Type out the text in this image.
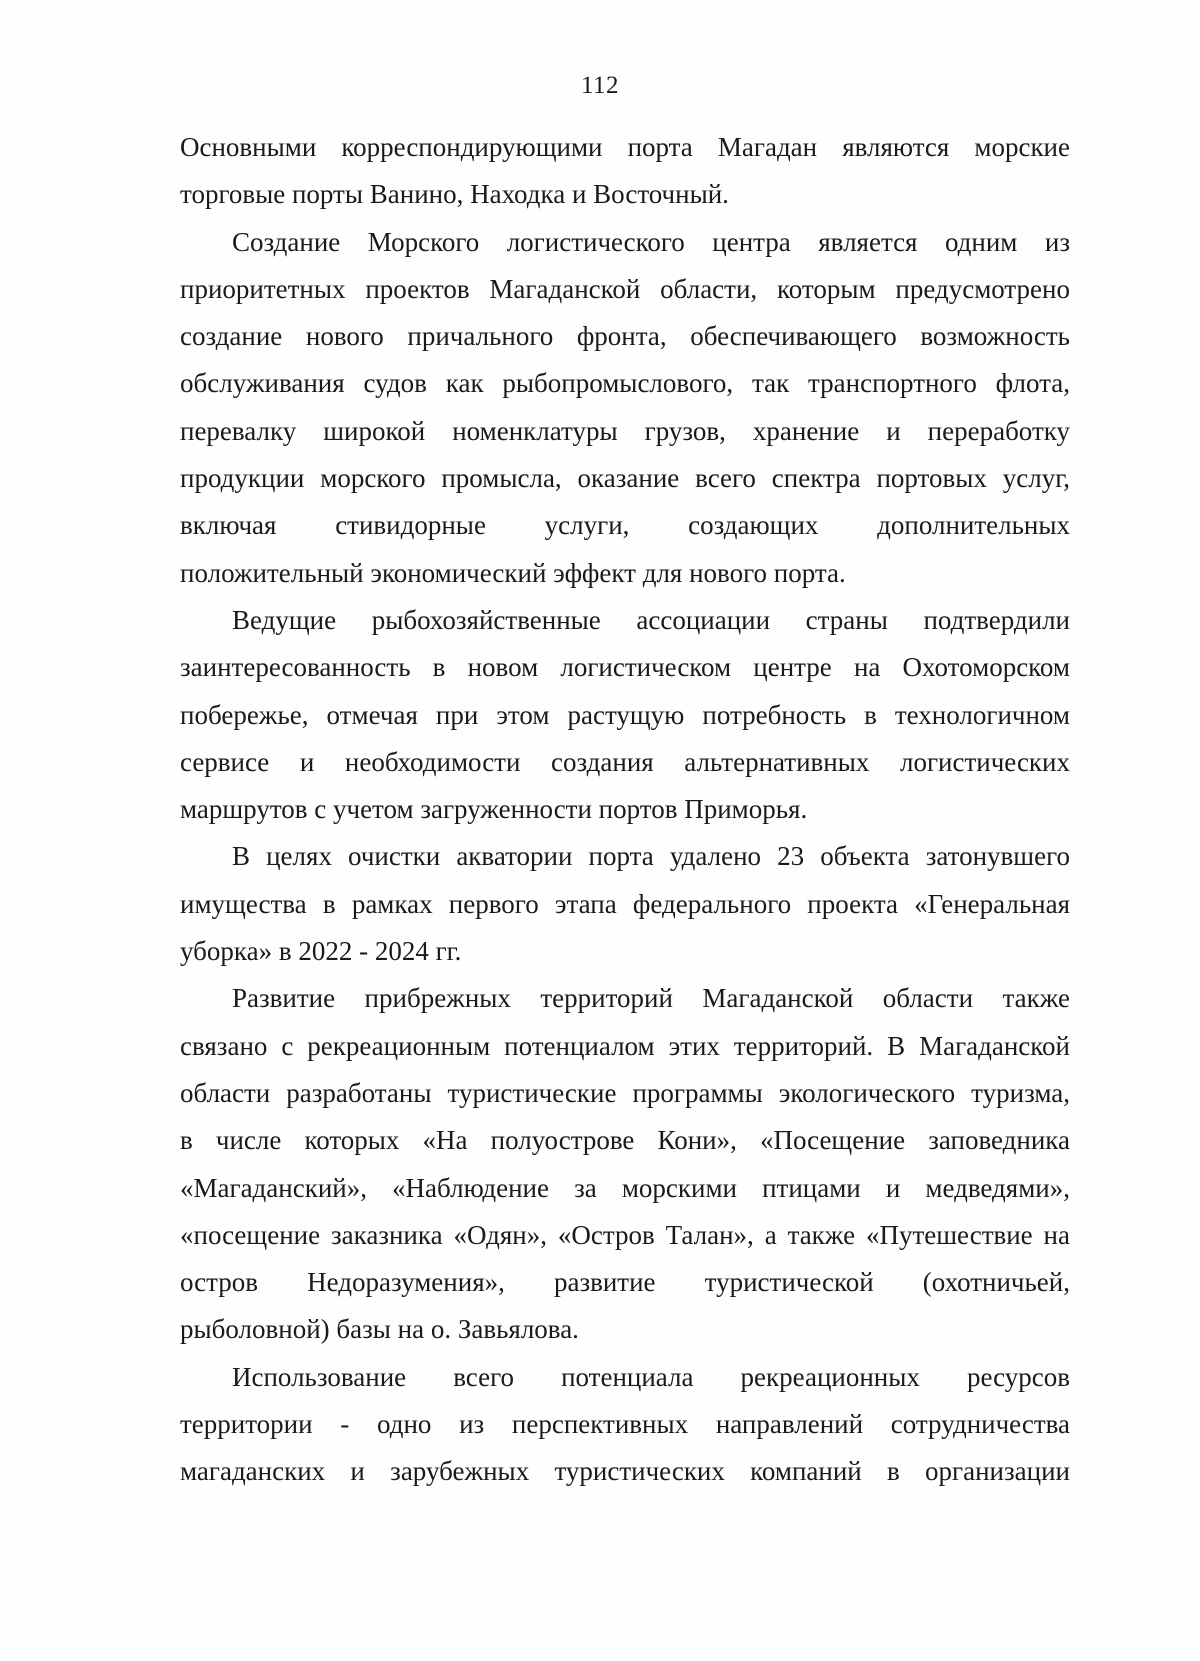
112
Основными корреспондирующими порта Магадан являются морские
торговые порты Ванино, Находка и Восточный.
Создание Морского логистического центра является одним из
приоритетных проектов Магаданской области, которым предусмотрено
создание нового причального фронта, обеспечивающего возможность
обслуживания судов как рыбопромыслового, так транспортного флота,
перевалку широкой номенклатуры грузов, хранение и переработку
продукции морского промысла, оказание всего спектра портовых услуг,
включая стивидорные услуги, создающих дополнительных
положительный экономический эффект для нового порта.
Ведущие рыбохозяйственные ассоциации страны подтвердили
заинтересованность в новом логистическом центре на Охотоморском
побережье, отмечая при этом растущую потребность в технологичном
сервисе и необходимости создания альтернативных логистических
маршрутов с учетом загруженности портов Приморья.
В целях очистки акватории порта удалено 23 объекта затонувшего
имущества в рамках первого этапа федерального проекта «Генеральная
уборка» в 2022 - 2024 гг.
Развитие прибрежных территорий Магаданской области также
связано с рекреационным потенциалом этих территорий. В Магаданской
области разработаны туристические программы экологического туризма,
в числе которых «На полуострове Кони», «Посещение заповедника
«Магаданский», «Наблюдение за морскими птицами и медведями»,
«посещение заказника «Одян», «Остров Талан», а также «Путешествие на
остров Недоразумения», развитие туристической (охотничьей,
рыболовной) базы на о. Завьялова.
Использование всего потенциала рекреационных ресурсов
территории - одно из перспективных направлений сотрудничества
магаданских и зарубежных туристических компаний в организации
